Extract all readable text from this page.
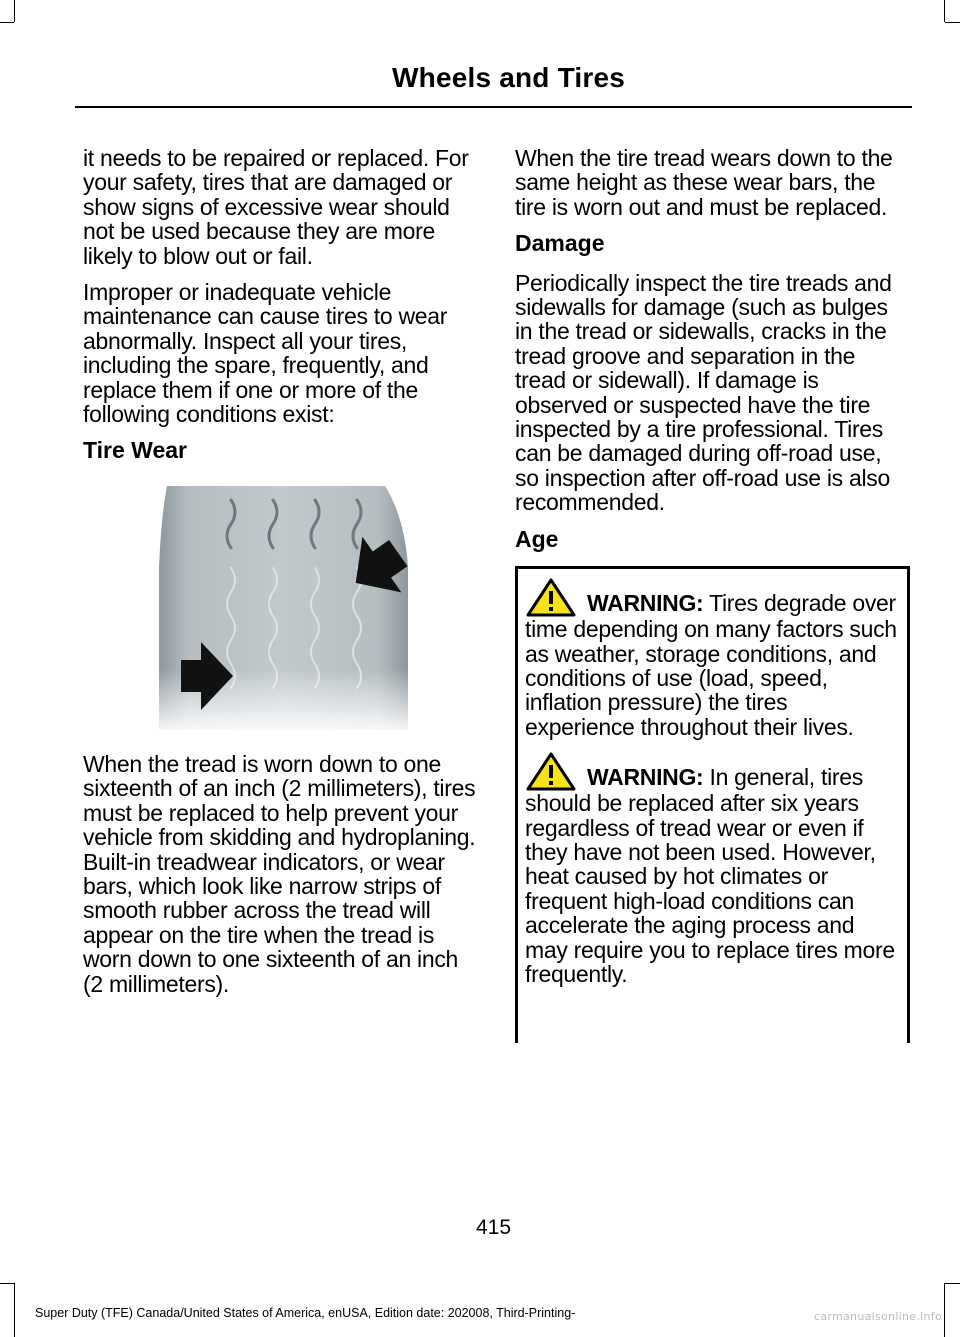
Wheels and Tires

it needs to be repaired or replaced. For your safety, tires that are damaged or show signs of excessive wear should not be used because they are more likely to blow out or fail.

Improper or inadequate vehicle maintenance can cause tires to wear abnormally. Inspect all your tires, including the spare, frequently, and replace them if one or more of the following conditions exist:

Tire Wear

When the tread is worn down to one sixteenth of an inch (2 millimeters), tires must be replaced to help prevent your vehicle from skidding and hydroplaning. Built-in treadwear indicators, or wear bars, which look like narrow strips of smooth rubber across the tread will appear on the tire when the tread is worn down to one sixteenth of an inch (2 millimeters).

When the tire tread wears down to the same height as these wear bars, the tire is worn out and must be replaced.

Damage

Periodically inspect the tire treads and sidewalls for damage (such as bulges in the tread or sidewalls, cracks in the tread groove and separation in the tread or sidewall). If damage is observed or suspected have the tire inspected by a tire professional. Tires can be damaged during off-road use, so inspection after off-road use is also recommended.

Age

WARNING: Tires degrade over time depending on many factors such as weather, storage conditions, and conditions of use (load, speed, inflation pressure) the tires experience throughout their lives.

WARNING: In general, tires should be replaced after six years regardless of tread wear or even if they have not been used. However, heat caused by hot climates or frequent high-load conditions can accelerate the aging process and may require you to replace tires more frequently.

415
Super Duty (TFE) Canada/United States of America, enUSA, Edition date: 202008, Third-Printing-	carmanualsonline.info
